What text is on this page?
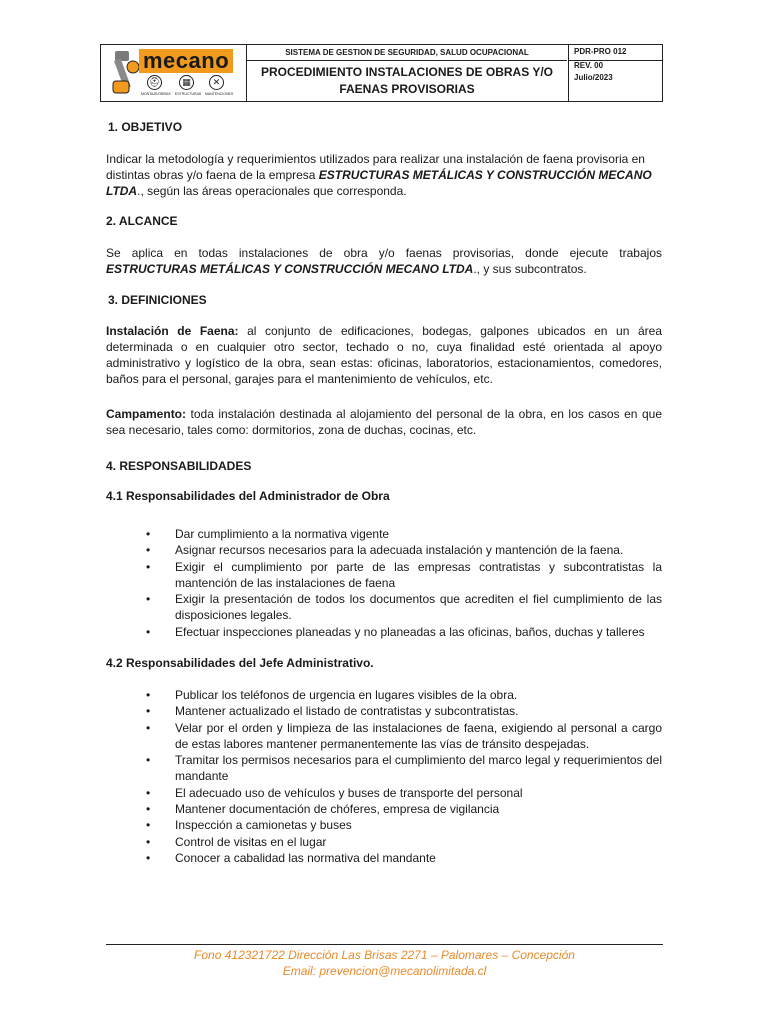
mecano
⛑	▦	✕
MONTAJE/OBRAS ESTRUCTURAS MANTENCIONES
SISTEMA DE GESTION DE SEGURIDAD, SALUD OCUPACIONAL
PROCEDIMIENTO INSTALACIONES DE OBRAS Y/O
FAENAS PROVISORIAS
PDR-PRO 012
REV. 00
Julio/2023
1. OBJETIVO
Indicar la metodología y requerimientos utilizados para realizar una instalación de faena provisoria en distintas obras y/o faena de la empresa ESTRUCTURAS METÁLICAS Y CONSTRUCCIÓN MECANO LTDA., según las áreas operacionales que corresponda.
2. ALCANCE
Se aplica en todas instalaciones de obra y/o faenas provisorias, donde ejecute trabajos ESTRUCTURAS METÁLICAS Y CONSTRUCCIÓN MECANO LTDA., y sus subcontratos.
3. DEFINICIONES
Instalación de Faena: al conjunto de edificaciones, bodegas, galpones ubicados en un área determinada o en cualquier otro sector, techado o no, cuya finalidad esté orientada al apoyo administrativo y logístico de la obra, sean estas: oficinas, laboratorios, estacionamientos, comedores, baños para el personal, garajes para el mantenimiento de vehículos, etc.
Campamento: toda instalación destinada al alojamiento del personal de la obra, en los casos en que sea necesario, tales como: dormitorios, zona de duchas, cocinas, etc.
4. RESPONSABILIDADES
4.1 Responsabilidades del Administrador de Obra
• Dar cumplimiento a la normativa vigente
• Asignar recursos necesarios para la adecuada instalación y mantención de la faena.
• Exigir el cumplimiento por parte de las empresas contratistas y subcontratistas la mantención de las instalaciones de faena
• Exigir la presentación de todos los documentos que acrediten el fiel cumplimiento de las disposiciones legales.
• Efectuar inspecciones planeadas y no planeadas a las oficinas, baños, duchas y talleres
4.2 Responsabilidades del Jefe Administrativo.
• Publicar los teléfonos de urgencia en lugares visibles de la obra.
• Mantener actualizado el listado de contratistas y subcontratistas.
• Velar por el orden y limpieza de las instalaciones de faena, exigiendo al personal a cargo de estas labores mantener permanentemente las vías de tránsito despejadas.
• Tramitar los permisos necesarios para el cumplimiento del marco legal y requerimientos del mandante
• El adecuado uso de vehículos y buses de transporte del personal
• Mantener documentación de chóferes, empresa de vigilancia
• Inspección a camionetas y buses
• Control de visitas en el lugar
• Conocer a cabalidad las normativa del mandante
Fono 412321722 Dirección Las Brisas 2271 – Palomares – Concepción
Email: prevencion@mecanolimitada.cl
